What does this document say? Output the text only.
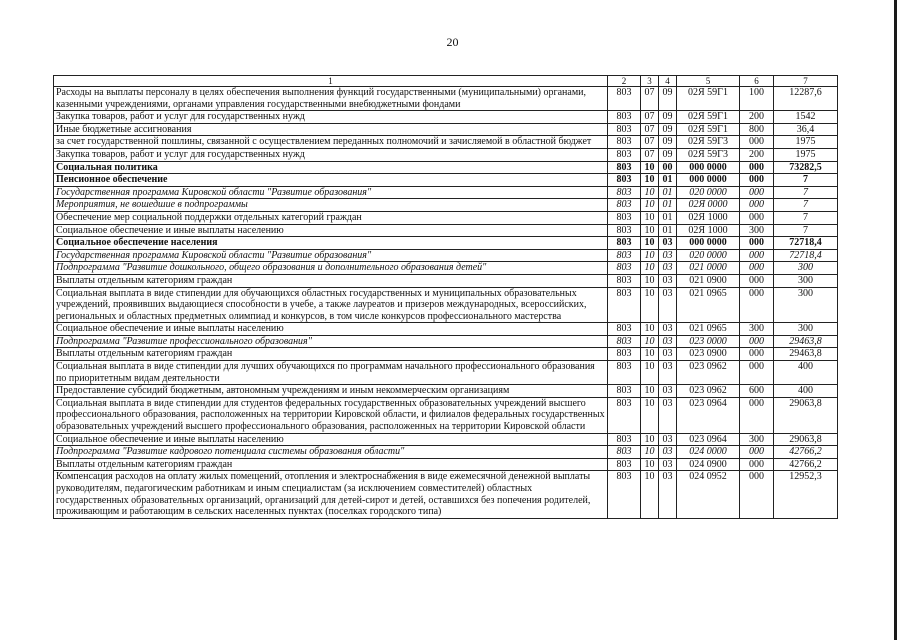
20
1	2	3	4	5	6	7
Расходы на выплаты персоналу в целях обеспечения выполнения функций государственными (муниципальными) органами, казенными учреждениями, органами управления государственными внебюджетными фондами	803	07	09	02Я 59Г1	100	12287,6
Закупка товаров, работ и услуг для государственных нужд	803	07	09	02Я 59Г1	200	1542
Иные бюджетные ассигнования	803	07	09	02Я 59Г1	800	36,4
за счет государственной пошлины, связанной с осуществлением переданных полномочий и зачисляемой в областной бюджет	803	07	09	02Я 59Г3	000	1975
Закупка товаров, работ и услуг для государственных нужд	803	07	09	02Я 59Г3	200	1975
Социальная политика	803	10	00	000 0000	000	73282,5
Пенсионное обеспечение	803	10	01	000 0000	000	7
Государственная программа Кировской области "Развитие образования"	803	10	01	020 0000	000	7
Мероприятия, не вошедшие в подпрограммы	803	10	01	02Я 0000	000	7
Обеспечение мер социальной поддержки отдельных категорий граждан	803	10	01	02Я 1000	000	7
Социальное обеспечение и иные выплаты населению	803	10	01	02Я 1000	300	7
Социальное обеспечение населения	803	10	03	000 0000	000	72718,4
Государственная программа Кировской области "Развитие образования"	803	10	03	020 0000	000	72718,4
Подпрограмма "Развитие дошкольного, общего образования и дополнительного образования детей"	803	10	03	021 0000	000	300
Выплаты отдельным категориям граждан	803	10	03	021 0900	000	300
Социальная выплата в виде стипендии для обучающихся областных государственных и муниципальных образовательных учреждений, проявивших выдающиеся способности в учебе, а также лауреатов и призеров международных, всероссийских, региональных и областных предметных олимпиад и конкурсов, в том числе конкурсов профессионального мастерства	803	10	03	021 0965	000	300
Социальное обеспечение и иные выплаты населению	803	10	03	021 0965	300	300
Подпрограмма "Развитие профессионального образования"	803	10	03	023 0000	000	29463,8
Выплаты отдельным категориям граждан	803	10	03	023 0900	000	29463,8
Социальная выплата в виде стипендии для лучших обучающихся по программам начального профессионального образования по приоритетным видам деятельности	803	10	03	023 0962	000	400
Предоставление субсидий бюджетным, автономным учреждениям и иным некоммерческим организациям	803	10	03	023 0962	600	400
Социальная выплата в виде стипендии для студентов федеральных государственных образовательных учреждений высшего профессионального образования, расположенных на территории Кировской области, и филиалов федеральных государственных образовательных учреждений высшего профессионального образования, расположенных на территории Кировской области	803	10	03	023 0964	000	29063,8
Социальное обеспечение и иные выплаты населению	803	10	03	023 0964	300	29063,8
Подпрограмма "Развитие кадрового потенциала системы образования области"	803	10	03	024 0000	000	42766,2
Выплаты отдельным категориям граждан	803	10	03	024 0900	000	42766,2
Компенсация расходов на оплату жилых помещений, отопления и электроснабжения в виде ежемесячной денежной выплаты руководителям, педагогическим работникам и иным специалистам (за исключением совместителей) областных государственных образовательных организаций, организаций для детей-сирот и детей, оставшихся без попечения родителей, проживающим и работающим в сельских населенных пунктах (поселках городского типа)	803	10	03	024 0952	000	12952,3
